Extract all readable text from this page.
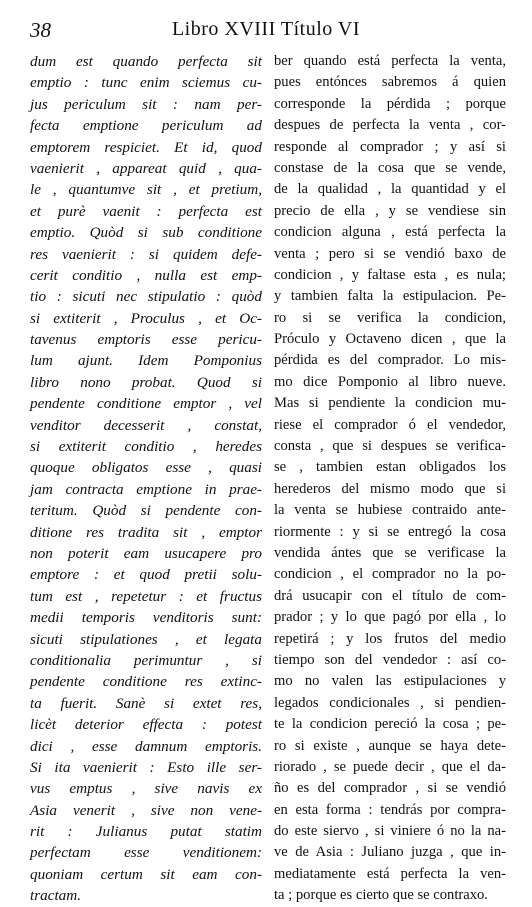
38	Libro XVIII Título VI
dum est quando perfecta sit
emptio : tunc enim sciemus cu-
jus periculum sit : nam per-
fecta emptione periculum ad
emptorem respiciet. Et id, quod
vaenierit , appareat quid , qua-
le , quantumve sit , et pretium,
et purè vaenit : perfecta est
emptio. Quòd si sub conditione
res vaenierit : si quidem defe-
cerit conditio , nulla est emp-
tio : sicuti nec stipulatio : quòd
si extiterit , Proculus , et Oc-
tavenus emptoris esse pericu-
lum ajunt. Idem Pomponius
libro nono probat. Quod si
pendente conditione emptor , vel
venditor decesserit , constat,
si extiterit conditio , heredes
quoque obligatos esse , quasi
jam contracta emptione in prae-
teritum. Quòd si pendente con-
ditione res tradita sit , emptor
non poterit eam usucapere pro
emptore : et quod pretii solu-
tum est , repetetur : et fructus
medii temporis venditoris sunt:
sicuti stipulationes , et legata
conditionalia perimuntur , si
pendente conditione res extinc-
ta fuerit. Sanè si extet res,
licèt deterior effecta : potest
dici , esse damnum emptoris.
Si ita vaenierit : Esto ille ser-
vus emptus , sive navis ex
Asia venerit , sive non vene-
rit : Julianus putat statim
perfectam esse venditionem:
quoniam certum sit eam con-
tractam.
ber quando está perfecta la venta,
pues entónces sabremos á quien
corresponde la pérdida ; porque
despues de perfecta la venta , cor-
responde al comprador ; y así si
constase de la cosa que se vende,
de la qualidad , la quantidad y el
precio de ella , y se vendiese sin
condicion alguna , está perfecta la
venta ; pero si se vendió baxo de
condicion , y faltase esta , es nula;
y tambien falta la estipulacion. Pe-
ro si se verifica la condicion,
Próculo y Octaveno dicen , que la
pérdida es del comprador. Lo mis-
mo dice Pomponio al libro nueve.
Mas si pendiente la condicion mu-
riese el comprador ó el vendedor,
consta , que si despues se verifica-
se , tambien estan obligados los
herederos del mismo modo que si
la venta se hubiese contraido ante-
riormente : y si se entregó la cosa
vendida ántes que se verificase la
condicion , el comprador no la po-
drá usucapir con el título de com-
prador ; y lo que pagó por ella , lo
repetirá ; y los frutos del medio
tiempo son del vendedor : así co-
mo no valen las estipulaciones y
legados condicionales , si pendien-
te la condicion pereció la cosa ; pe-
ro si existe , aunque se haya dete-
riorado , se puede decir , que el da-
ño es del comprador , si se vendió
en esta forma : tendrás por compra-
do este siervo , si viniere ó no la na-
ve de Asia : Juliano juzga , que in-
mediatamente está perfecta la ven-
ta ; porque es cierto que se contraxo.
